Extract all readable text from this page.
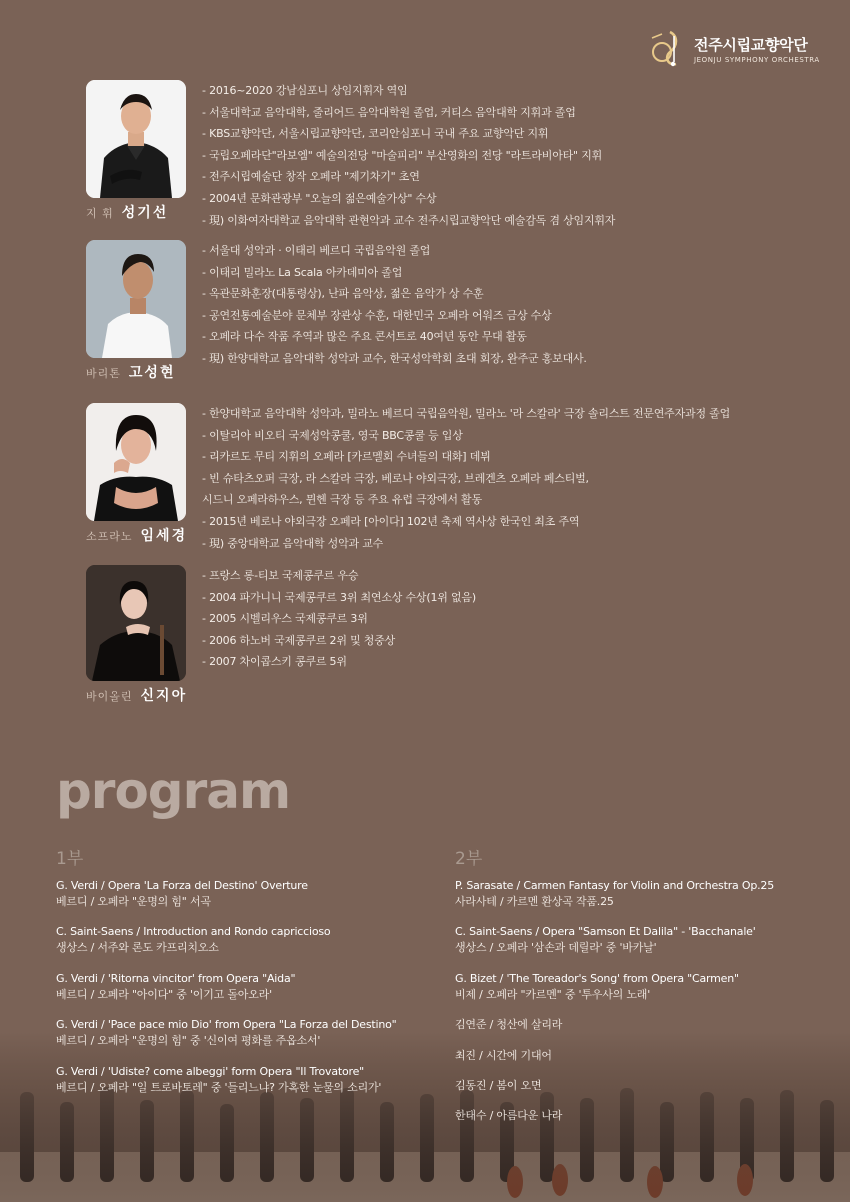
전주시립교향악단
JEONJU SYMPHONY ORCHESTRA
지 휘 성기선
- 2016~2020 강남심포니 상임지휘자 역임
- 서울대학교 음악대학, 줄리어드 음악대학원 졸업, 커티스 음악대학 지휘과 졸업
- KBS교향악단, 서울시립교향악단, 코리안심포니 국내 주요 교향악단 지휘
- 국립오페라단"라보엠" 예술의전당 "마술피리" 부산영화의 전당 "라트라비아타" 지휘
- 전주시립예술단 창작 오페라 "제기차기" 초연
- 2004년 문화관광부 "오늘의 젊은예술가상" 수상
- 現) 이화여자대학교 음악대학 관현악과 교수 전주시립교향악단 예술감독 겸 상임지휘자
바리톤 고성현
- 서울대 성악과 · 이태리 베르디 국립음악원 졸업
- 이태리 밀라노 La Scala 아카데미아 졸업
- 옥관문화훈장(대통령상), 난파 음악상, 젊은 음악가 상 수훈
- 공연전통예술분야 문체부 장관상 수훈, 대한민국 오페라 어워즈 금상 수상
- 오페라 다수 작품 주역과 많은 주요 콘서트로 40여년 동안 무대 활동
- 現) 한양대학교 음악대학 성악과 교수, 한국성악학회 초대 회장, 완주군 홍보대사.
소프라노 임세경
- 한양대학교 음악대학 성악과, 밀라노 베르디 국립음악원, 밀라노 '라 스칼라' 극장 솔리스트 전문연주자과정 졸업
- 이탈리아 비오티 국제성악콩쿨, 영국 BBC콩쿨 등 입상
- 리카르도 무티 지휘의 오페라 [카르멜회 수녀들의 대화] 데뷔
- 빈 슈타츠오퍼 극장, 라 스칼라 극장, 베로나 야외극장, 브레겐츠 오페라 페스티벌,
시드니 오페라하우스, 뮌헨 극장 등 주요 유럽 극장에서 활동
- 2015년 베로나 야외극장 오페라 [아이다] 102년 축제 역사상 한국인 최초 주역
- 現) 중앙대학교 음악대학 성악과 교수
바이올린 신지아
- 프랑스 롱-티보 국제콩쿠르 우승
- 2004 파가니니 국제콩쿠르 3위 최연소상 수상(1위 없음)
- 2005 시벨리우스 국제콩쿠르 3위
- 2006 하노버 국제콩쿠르 2위 및 청중상
- 2007 차이콥스키 콩쿠르 5위
program
1부	2부
G. Verdi / Opera 'La Forza del Destino' Overture
베르디 / 오페라 "운명의 힘" 서곡
C. Saint-Saens / Introduction and Rondo capriccioso
생상스 / 서주와 론도 카프리치오소
G. Verdi / 'Ritorna vincitor' from Opera "Aida"
베르디 / 오페라 "아이다" 중 '이기고 돌아오라'
G. Verdi / 'Pace pace mio Dio' from Opera "La Forza del Destino"
베르디 / 오페라 "운명의 힘" 중 '신이여 평화를 주옵소서'
G. Verdi / 'Udiste? come albeggi' form Opera "Il Trovatore"
베르디 / 오페라 "일 트로바토레" 중 '들리느냐? 가혹한 눈물의 소리가'
P. Sarasate / Carmen Fantasy for Violin and Orchestra Op.25
사라사테 / 카르멘 환상곡 작품.25
C. Saint-Saens / Opera "Samson Et Dalila" - 'Bacchanale'
생상스 / 오페라 '삼손과 데릴라' 중 '바카날'
G. Bizet / 'The Toreador's Song' from Opera "Carmen"
비제 / 오페라 "카르멘" 중 '투우사의 노래'
김연준 / 청산에 살리라
최진 / 시간에 기대어
김동진 / 봄이 오면
한태수 / 아름다운 나라
